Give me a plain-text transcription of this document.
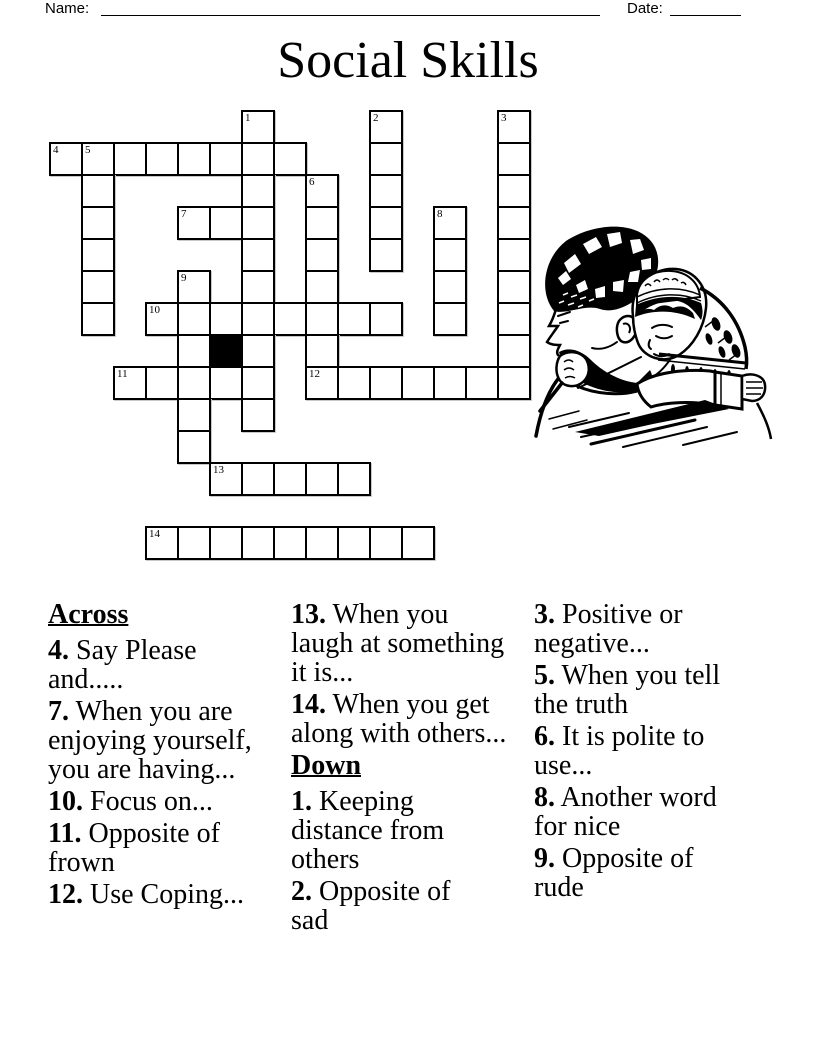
Name:	Date:
Social Skills
1	2	3
4 5
6
7	8
9
10
11	12
13
14
Across
4. Say Please
and.....
7. When you are
enjoying yourself,
you are having...
10. Focus on...
11. Opposite of
frown
12. Use Coping...
13. When you
laugh at something
it is...
14. When you get
along with others...
Down
1. Keeping
distance from
others
2. Opposite of
sad
3. Positive or
negative...
5. When you tell
the truth
6. It is polite to
use...
8. Another word
for nice
9. Opposite of
rude
